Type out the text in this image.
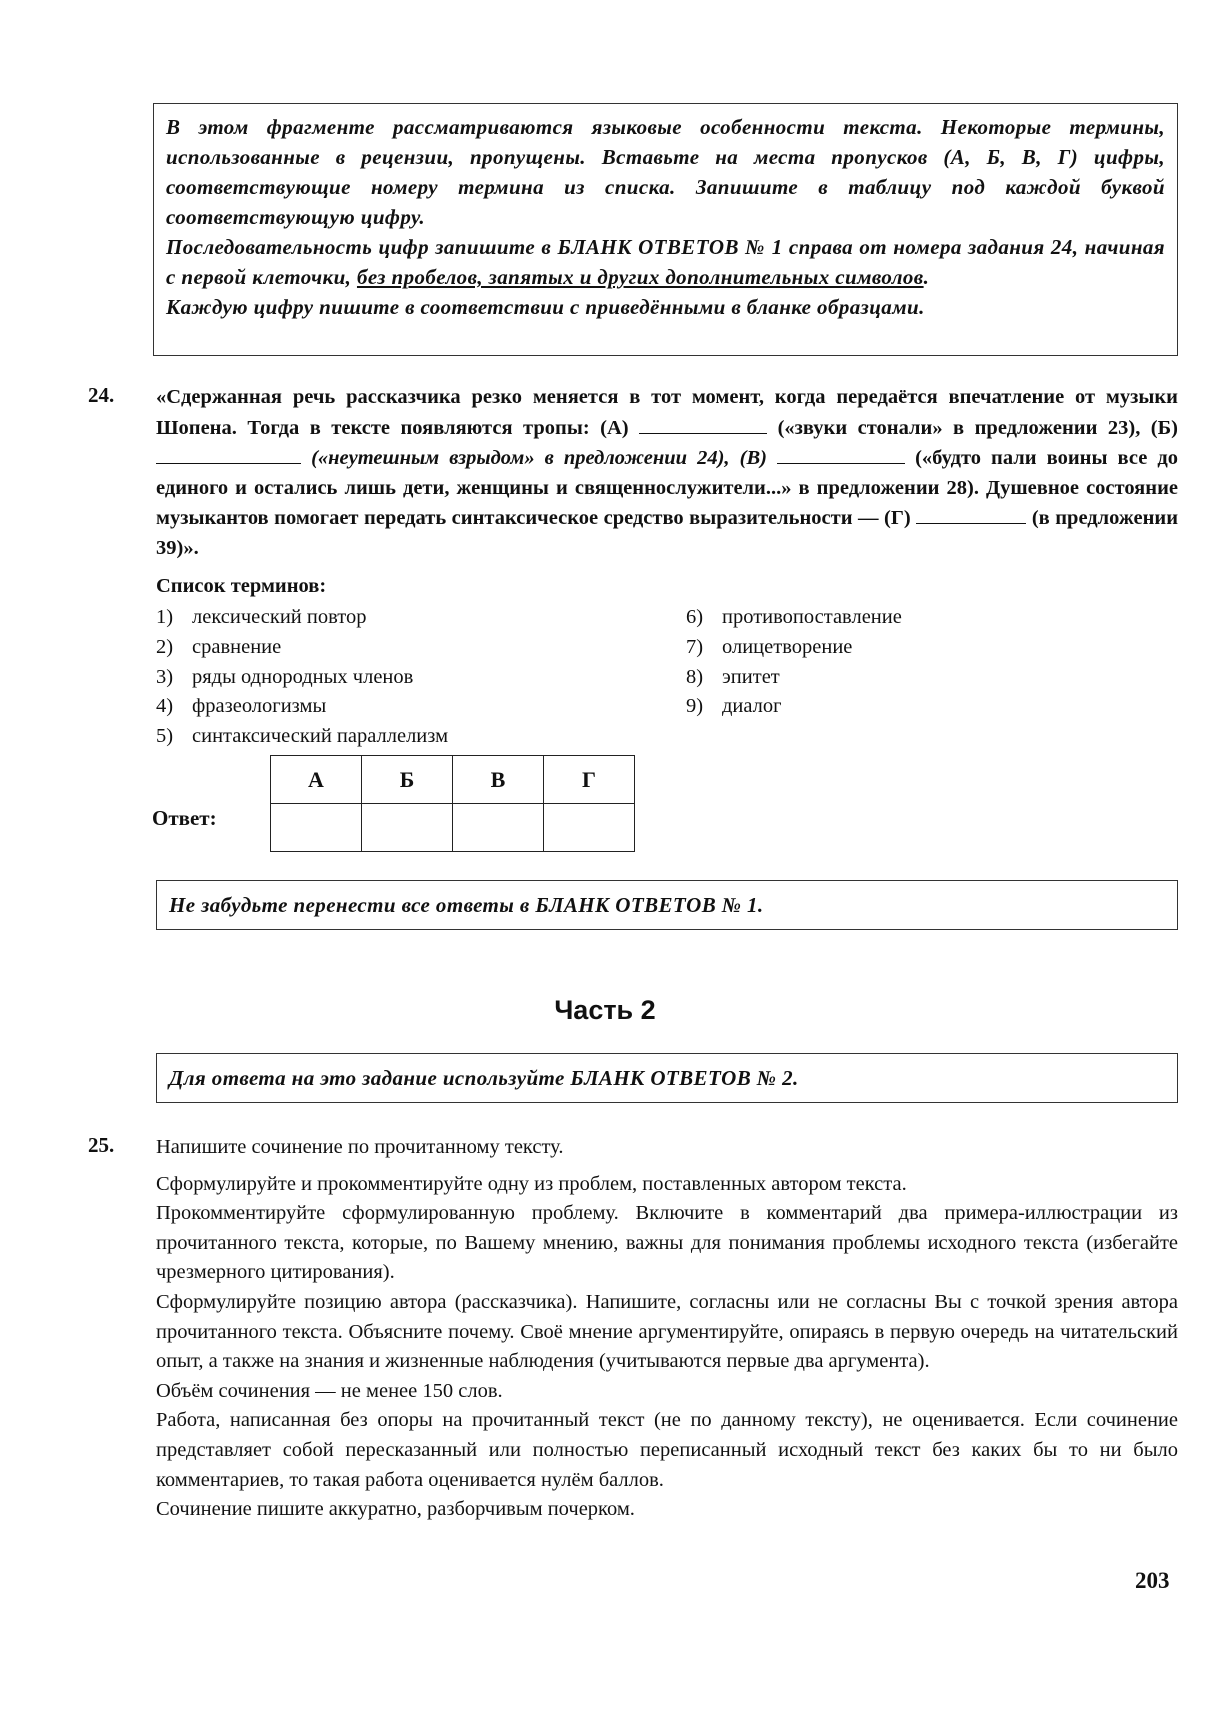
В этом фрагменте рассматриваются языковые особенности текста. Некоторые термины, использованные в рецензии, пропущены. Вставьте на места пропусков (А, Б, В, Г) цифры, соответствующие номеру термина из списка. Запишите в таблицу под каждой буквой соответствующую цифру.

Последовательность цифр запишите в БЛАНК ОТВЕТОВ № 1 справа от номера задания 24, начиная с первой клеточки, без пробелов, запятых и других дополнительных символов.

Каждую цифру пишите в соответствии с приведёнными в бланке образцами.

24. «Сдержанная речь рассказчика резко меняется в тот момент, когда передаётся впечатление от музыки Шопена. Тогда в тексте появляются тропы: (А)	(«звуки стонали» в предложении 23), (Б)  («неутешным взрыдом» в предложении 24), (В)	(«будто пали воины все до единого и остались лишь дети, женщины и священнослужители...» в предложении 28). Душевное состояние музыкантов помогает передать синтаксическое средство выразительности — (Г)	(в предложении 39)».
Список терминов:
1) лексический повтор
2) сравнение
3) ряды однородных членов
4) фразеологизмы
5) синтаксический параллелизм
6) противопоставление
7) олицетворение
8) эпитет
9) диалог
Ответ:
А	Б	В	Г

Не забудьте перенести все ответы в БЛАНК ОТВЕТОВ № 1.
Часть 2
Для ответа на это задание используйте БЛАНК ОТВЕТОВ № 2.
25. Напишите сочинение по прочитанному тексту.

Сформулируйте и прокомментируйте одну из проблем, поставленных автором текста.

Прокомментируйте сформулированную проблему. Включите в комментарий два примера-иллюстрации из прочитанного текста, которые, по Вашему мнению, важны для понимания проблемы исходного текста (избегайте чрезмерного цитирования).

Сформулируйте позицию автора (рассказчика). Напишите, согласны или не согласны Вы с точкой зрения автора прочитанного текста. Объясните почему. Своё мнение аргументируйте, опираясь в первую очередь на читательский опыт, а также на знания и жизненные наблюдения (учитываются первые два аргумента).

Объём сочинения — не менее 150 слов.

Работа, написанная без опоры на прочитанный текст (не по данному тексту), не оценивается. Если сочинение представляет собой пересказанный или полностью переписанный исходный текст без каких бы то ни было комментариев, то такая работа оценивается нулём баллов.

Сочинение пишите аккуратно, разборчивым почерком.

203
